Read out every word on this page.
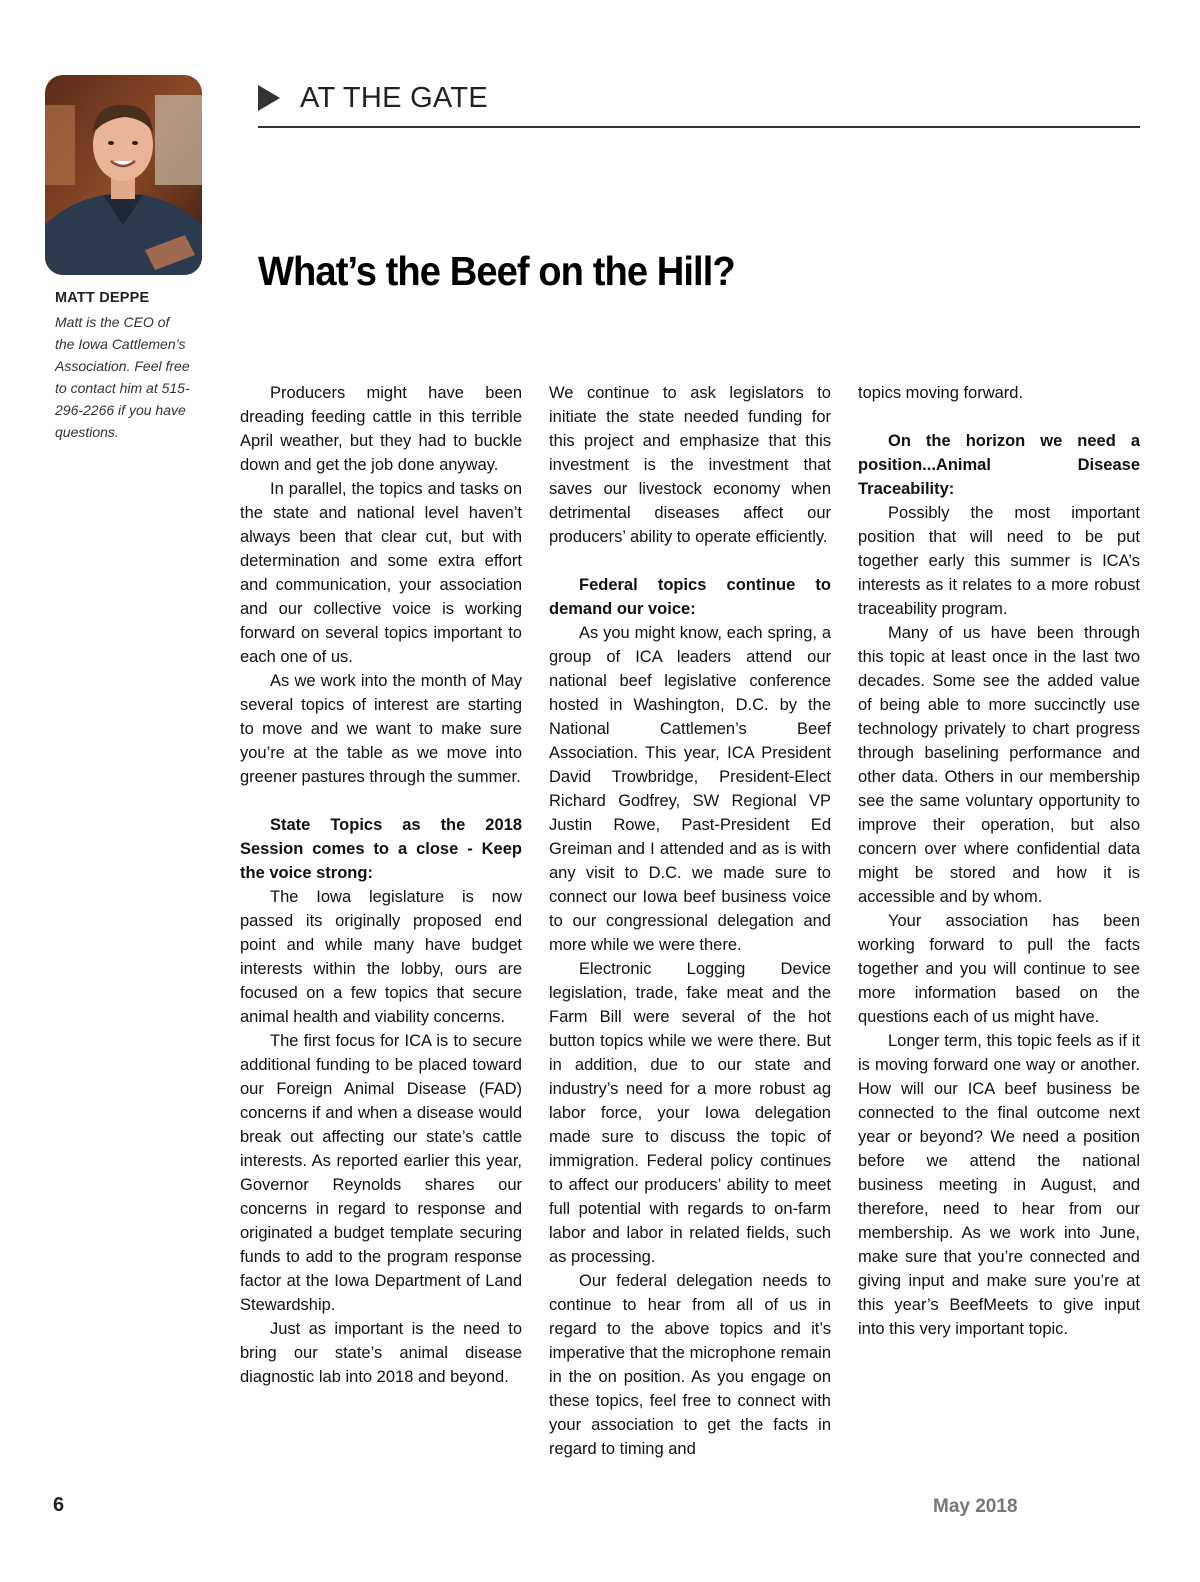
MATT DEPPE
Matt is the CEO of the Iowa Cattlemen’s Association. Feel free to contact him at 515-296-2266 if you have questions.
AT THE GATE
What’s the Beef on the Hill?

Producers might have been dreading feeding cattle in this terrible April weather, but they had to buckle down and get the job done anyway.

In parallel, the topics and tasks on the state and national level haven’t always been that clear cut, but with determination and some extra effort and communication, your association and our collective voice is working forward on several topics important to each one of us.

As we work into the month of May several topics of interest are starting to move and we want to make sure you’re at the table as we move into greener pastures through the summer.

State Topics as the 2018 Session comes to a close - Keep the voice strong:

The Iowa legislature is now passed its originally proposed end point and while many have budget interests within the lobby, ours are focused on a few topics that secure animal health and viability concerns.

The first focus for ICA is to secure additional funding to be placed toward our Foreign Animal Disease (FAD) concerns if and when a disease would break out affecting our state’s cattle interests. As reported earlier this year, Governor Reynolds shares our concerns in regard to response and originated a budget template securing funds to add to the program response factor at the Iowa Department of Land Stewardship.

Just as important is the need to bring our state’s animal disease diagnostic lab into 2018 and beyond.

We continue to ask legislators to initiate the state needed funding for this project and emphasize that this investment is the investment that saves our livestock economy when detrimental diseases affect our producers’ ability to operate efficiently.

Federal topics continue to demand our voice:

As you might know, each spring, a group of ICA leaders attend our national beef legislative conference hosted in Washington, D.C. by the National Cattlemen’s Beef Association. This year, ICA President David Trowbridge, President-Elect Richard Godfrey, SW Regional VP Justin Rowe, Past-President Ed Greiman and I attended and as is with any visit to D.C. we made sure to connect our Iowa beef business voice to our congressional delegation and more while we were there.

Electronic Logging Device legislation, trade, fake meat and the Farm Bill were several of the hot button topics while we were there. But in addition, due to our state and industry’s need for a more robust ag labor force, your Iowa delegation made sure to discuss the topic of immigration. Federal policy continues to affect our producers’ ability to meet full potential with regards to on-farm labor and labor in related fields, such as processing.

Our federal delegation needs to continue to hear from all of us in regard to the above topics and it’s imperative that the microphone remain in the on position. As you engage on these topics, feel free to connect with your association to get the facts in regard to timing and

topics moving forward.

On the horizon we need a position...Animal Disease Traceability:

Possibly the most important position that will need to be put together early this summer is ICA’s interests as it relates to a more robust traceability program.

Many of us have been through this topic at least once in the last two decades. Some see the added value of being able to more succinctly use technology privately to chart progress through baselining performance and other data. Others in our membership see the same voluntary opportunity to improve their operation, but also concern over where confidential data might be stored and how it is accessible and by whom.

Your association has been working forward to pull the facts together and you will continue to see more information based on the questions each of us might have.

Longer term, this topic feels as if it is moving forward one way or another. How will our ICA beef business be connected to the final outcome next year or beyond? We need a position before we attend the national business meeting in August, and therefore, need to hear from our membership. As we work into June, make sure that you’re connected and giving input and make sure you’re at this year’s BeefMeets to give input into this very important topic.

6	May 2018
